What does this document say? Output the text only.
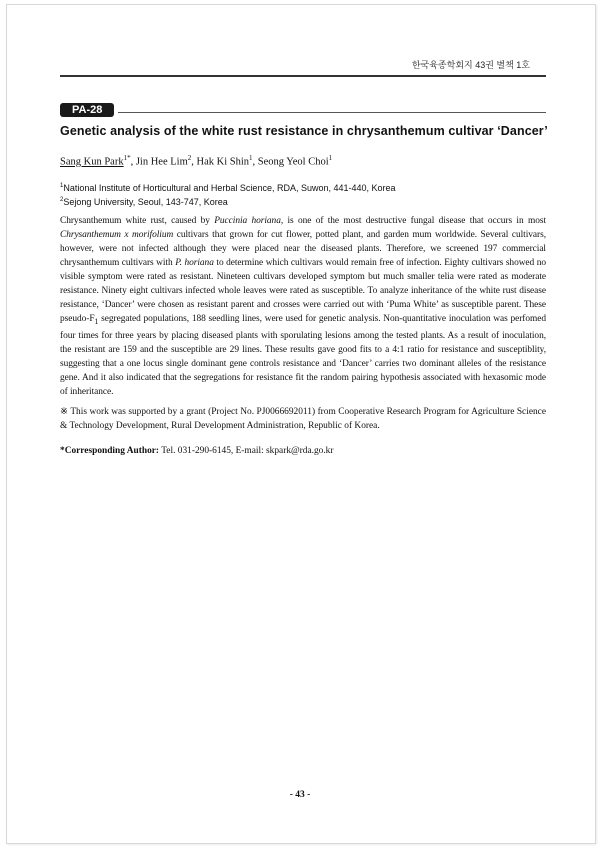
한국육종학회지 43권 별책 1호
PA-28
Genetic analysis of the white rust resistance in chrysanthemum cultivar ‘Dancer’
Sang Kun Park$^{1*}$, Jin Hee Lim$^2$, Hak Ki Shin$^1$, Seong Yeol Choi$^1$
$^1$National Institute of Horticultural and Herbal Science, RDA, Suwon, 441-440, Korea
$^2$Sejong University, Seoul, 143-747, Korea
Chrysanthemum white rust, caused by Puccinia horiana, is one of the most destructive fungal disease that occurs in most Chrysanthemum x morifolium cultivars that grown for cut flower, potted plant, and garden mum worldwide. Several cultivars, however, were not infected although they were placed near the diseased plants. Therefore, we screened 197 commercial chrysanthemum cultivars with P. horiana to determine which cultivars would remain free of infection. Eighty cultivars showed no visible symptom were rated as resistant. Nineteen cultivars developed symptom but much smaller telia were rated as moderate resistance. Ninety eight cultivars infected whole leaves were rated as susceptible. To analyze inheritance of the white rust disease resistance, ‘Dancer’ were chosen as resistant parent and crosses were carried out with ‘Puma White’ as susceptible parent. These pseudo-$F_1$ segregated populations, 188 seedling lines, were used for genetic analysis. Non-quantitative inoculation was perfomed four times for three years by placing diseased plants with sporulating lesions among the tested plants. As a result of inoculation, the resistant are 159 and the susceptible are 29 lines. These results gave good fits to a 4:1 ratio for resistance and susceptiblity, suggesting that a one locus single dominant gene controls resistance and ‘Dancer’ carries two dominant alleles of the resistance gene. And it also indicated that the segregations for resistance fit the random pairing hypothesis associated with hexasomic mode of inheritance.
※ This work was supported by a grant (Project No. PJ0066692011) from Cooperative Research Program for Agriculture Science & Technology Development, Rural Development Administration, Republic of Korea.
*Corresponding Author: Tel. 031-290-6145, E-mail: skpark@rda.go.kr
- 43 -
